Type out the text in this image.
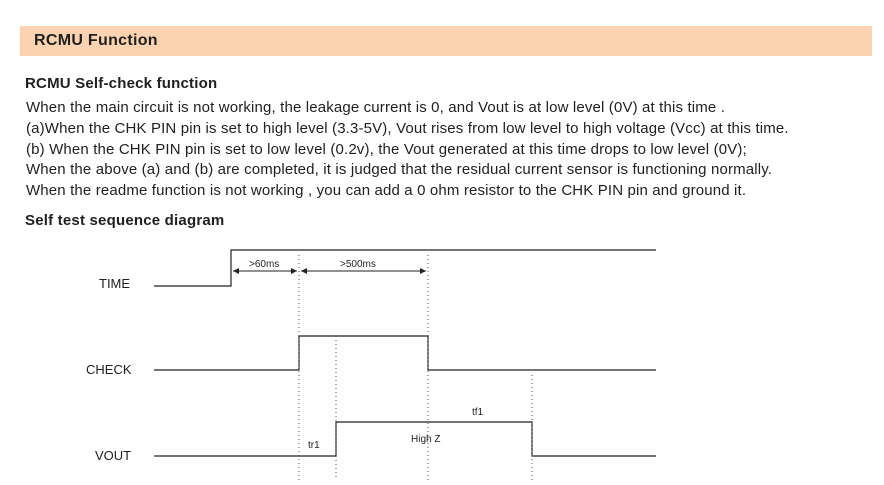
RCMU Function
RCMU Self-check function

When the main circuit is not working, the leakage current is 0, and Vout is at low level (0V) at this time .

(a)When the CHK PIN pin is set to high level (3.3-5V), Vout rises from low level to high voltage (Vcc) at this time.

(b) When the CHK PIN pin is set to low level (0.2v), the Vout generated at this time drops to low level (0V);

When the above (a) and (b) are completed, it is judged that the residual current sensor is functioning normally.

When the readme function is not working , you can add a 0 ohm resistor to the CHK PIN pin and ground it.

Self test sequence diagram
TIME
CHECK
VOUT
>60ms	>500ms
tr1
High Z
tf1
